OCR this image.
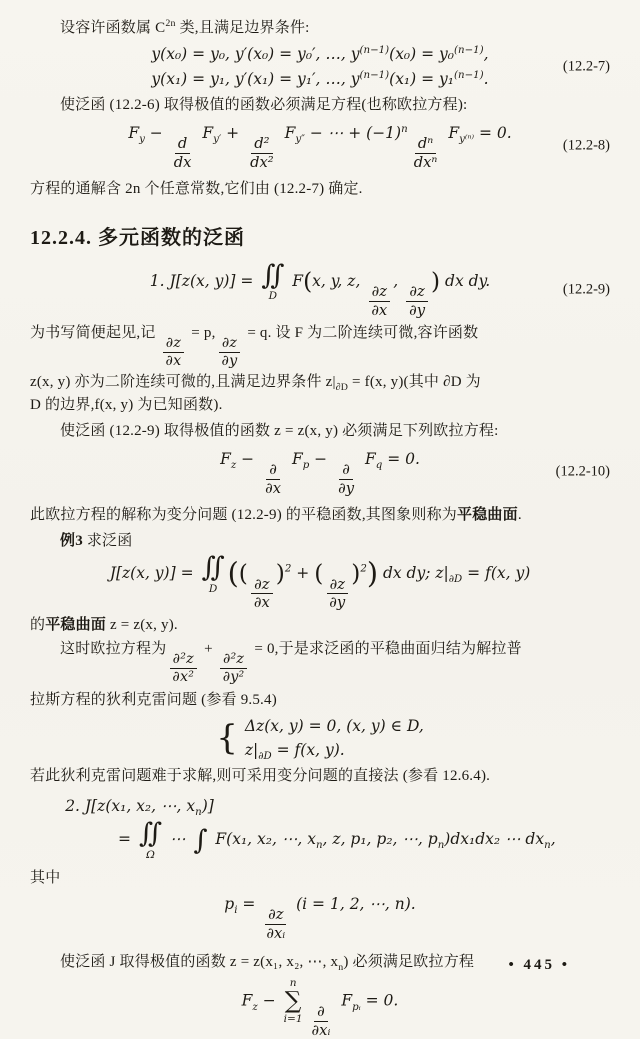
设容许函数属 $C^{2n}$ 类,且满足边界条件:

y(x₀) = y₀, y′(x₀) = y₀′, …, $y^{(n-1)}(x_0) = y_0^{(n-1)}$,
y(x₁) = y₁, y′(x₁) = y₁′, …, $y^{(n-1)}(x_1) = y_1^{(n-1)}$.
(12.2-7)

使泛函 (12.2-6) 取得极值的函数必须满足方程(也称欧拉方程):

$F_y$ −
$\frac{d}{dx}$
$F_{y'}$ +
$\frac{\text{d²}}{\text{dx²}}$
$F_{y''}$ − ⋯ + $(-1)^n$
$\frac{\text{dⁿ}}{\text{dxⁿ}}$
$F_{y^{(n)}} = 0$.
(12.2-8)

方程的通解含 2n 个任意常数,它们由 (12.2-7) 确定.

12.2.4. 多元函数的泛函
1. J[z(x, y)] = ∬
D
F(x, y, z,
$\frac{\partial z}{\partial x}$
,
$\frac{\partial z}{\partial y}$
) dx dy.
(12.2-9)

为书写简便起见,记
$\frac{\partial z}{\partial x}$
= p,
$\frac{\partial z}{\partial y}$
= q. 设 F 为二阶连续可微,容许函数

z(x, y) 亦为二阶连续可微的,且满足边界条件 $z|_{\partial D} = f(x$, y)(其中 ∂D 为

D 的边界,f(x, y) 为已知函数).

使泛函 (12.2-9) 取得极值的函数 z = z(x, y) 必须满足下列欧拉方程:

$F_z$ −
$\frac{\partial}{\partial x}$
$F_p$ −
$\frac{\partial}{\partial y}$
$F_q = 0$.
(12.2-10)

此欧拉方程的解称为变分问题 (12.2-9) 的平稳函数,其图象则称为平稳曲面.

例3 求泛函

J[z(x, y)] = ∬
D ((
$\frac{\partial z}{\partial x}$
)$^2$ + (
$\frac{\partial z}{\partial y}$
)$^2$) dx dy; $z|_{\partial D} = f(x$, y)

的平稳曲面 z = z(x, y).

这时欧拉方程为
$\frac{\text{∂²z}}{\text{∂x²}}$
+
$\frac{\text{∂²z}}{\text{∂y²}}$
= 0,于是求泛函的平稳曲面归结为解拉普

拉斯方程的狄利克雷问题 (参看 9.5.4)

{ Δz(x, y) = 0, (x, y) ∈ D,
$z|_{\partial D} = f(x$, y).

若此狄利克雷问题难于求解,则可采用变分问题的直接法 (参看 12.6.4).

2. J[z(x₁, x₂, ⋯, $x_n$)]
= ∬
Ω
⋯ ∫ F(x₁, x₂, ⋯, $x_n$, z, p₁, p₂, ⋯, $p_n)dx_1dx_2$ ⋯ $dx_n$,

其中

$p_i$ =
$\frac{\partial z}{\text{∂xᵢ}}$
(i = 1, 2, ⋯, n).

使泛函 J 取得极值的函数 z = z(x₁, x₂, ⋯, $x_n$) 必须满足欧拉方程

$F_z$ −
n
∑
$i=1 \frac{\partial}{\text{∂xᵢ}}$
$F_{pᵢ} = 0$.
• 445 •
